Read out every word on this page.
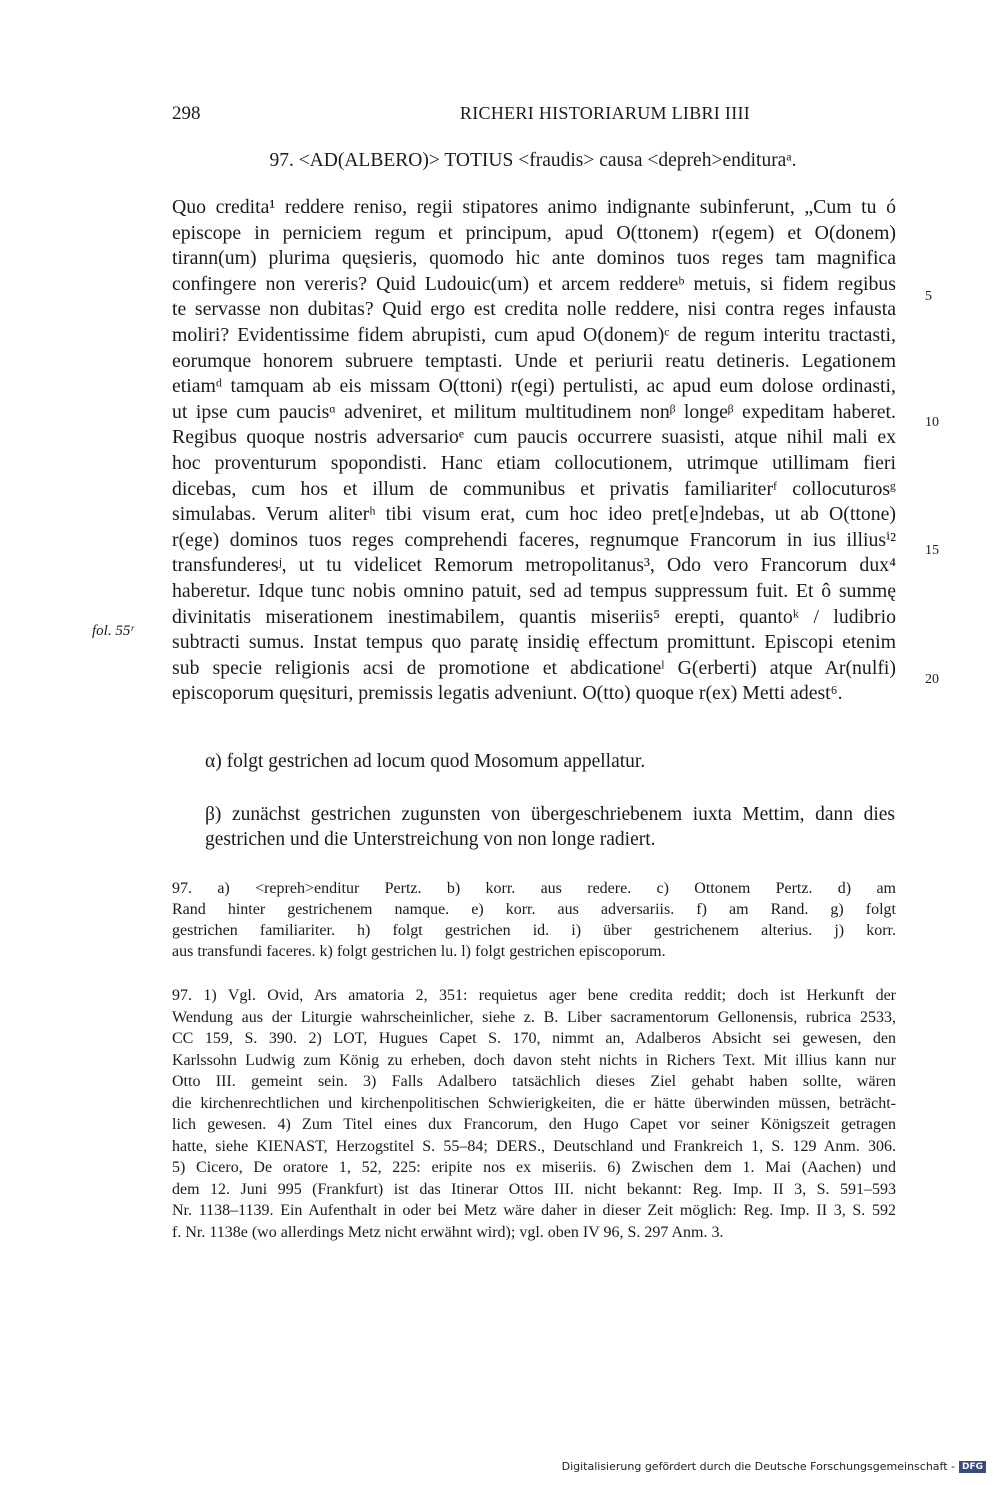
298	RICHERI HISTORIARUM LIBRI IIII
97. <AD(ALBERO)> TOTIUS <fraudis> causa <depreh>endituraᵃ.
Quo credita¹ reddere reniso, regii stipatores animo indignante subinferunt, „Cum tu ó
episcope in perniciem regum et principum, apud O(ttonem) r(egem) et O(donem)
tirann(um) plurima quęsieris, quomodo hic ante dominos tuos reges tam magnifica
confingere non vereris? Quid Ludouic(um) et arcem reddereᵇ metuis, si fidem regibus
te servasse non dubitas? Quid ergo est credita nolle reddere, nisi contra reges infausta
moliri? Evidentissime fidem abrupisti, cum apud O(donem)ᶜ de regum interitu tractasti,
eorumque honorem subruere temptasti. Unde et periurii reatu detineris. Legationem
etiamᵈ tamquam ab eis missam O(ttoni) r(egi) pertulisti, ac apud eum dolose ordinasti,
ut ipse cum paucisᵅ adveniret, et militum multitudinem nonᵝ longeᵝ expeditam haberet.
Regibus quoque nostris adversarioᵉ cum paucis occurrere suasisti, atque nihil mali ex
hoc proventurum spopondisti. Hanc etiam collocutionem, utrimque utillimam fieri
dicebas, cum hos et illum de communibus et privatis familiariterᶠ collocuturosᵍ
simulabas. Verum aliterʰ tibi visum erat, cum hoc ideo pret[e]ndebas, ut ab O(ttone)
r(ege) dominos tuos reges comprehendi faceres, regnumque Francorum in ius illiusⁱ²
transfunderesʲ, ut tu videlicet Remorum metropolitanus³, Odo vero Francorum dux⁴
haberetur. Idque tunc nobis omnino patuit, sed ad tempus suppressum fuit. Et ô summę
divinitatis miserationem inestimabilem, quantis miseriis⁵ erepti, quantoᵏ / ludibrio
subtracti sumus. Instat tempus quo paratę insidię effectum promittunt. Episcopi etenim
sub specie religionis acsi de promotione et abdicationeˡ G(erberti) atque Ar(nulfi)
episcoporum quęsituri, premissis legatis adveniunt. O(tto) quoque r(ex) Metti adest⁶.
fol. 55ʳ
5
10
15
20
α) folgt gestrichen ad locum quod Mosomum appellatur.
β) zunächst gestrichen zugunsten von übergeschriebenem iuxta Mettim, dann dies
gestrichen und die Unterstreichung von non longe radiert.
97. a) <repreh>enditur Pertz. b) korr. aus redere. c) Ottonem Pertz. d) am
Rand hinter gestrichenem namque. e) korr. aus adversariis. f) am Rand. g) folgt
gestrichen familiariter. h) folgt gestrichen id. i) über gestrichenem alterius. j) korr.
aus transfundi faceres. k) folgt gestrichen lu. l) folgt gestrichen episcoporum.
97. 1) Vgl. Ovid, Ars amatoria 2, 351: requietus ager bene credita reddit; doch ist Herkunft der
Wendung aus der Liturgie wahrscheinlicher, siehe z. B. Liber sacramentorum Gellonensis, rubrica 2533,
CC 159, S. 390. 2) LOT, Hugues Capet S. 170, nimmt an, Adalberos Absicht sei gewesen, den
Karlssohn Ludwig zum König zu erheben, doch davon steht nichts in Richers Text. Mit illius kann nur
Otto III. gemeint sein. 3) Falls Adalbero tatsächlich dieses Ziel gehabt haben sollte, wären
die kirchenrechtlichen und kirchenpolitischen Schwierigkeiten, die er hätte überwinden müssen, beträcht-
lich gewesen. 4) Zum Titel eines dux Francorum, den Hugo Capet vor seiner Königszeit getragen
hatte, siehe KIENAST, Herzogstitel S. 55–84; DERS., Deutschland und Frankreich 1, S. 129 Anm. 306.
5) Cicero, De oratore 1, 52, 225: eripite nos ex miseriis. 6) Zwischen dem 1. Mai (Aachen) und
dem 12. Juni 995 (Frankfurt) ist das Itinerar Ottos III. nicht bekannt: Reg. Imp. II 3, S. 591–593
Nr. 1138–1139. Ein Aufenthalt in oder bei Metz wäre daher in dieser Zeit möglich: Reg. Imp. II 3, S. 592
f. Nr. 1138e (wo allerdings Metz nicht erwähnt wird); vgl. oben IV 96, S. 297 Anm. 3.
Digitalisierung gefördert durch die Deutsche Forschungsgemeinschaft - DFG
